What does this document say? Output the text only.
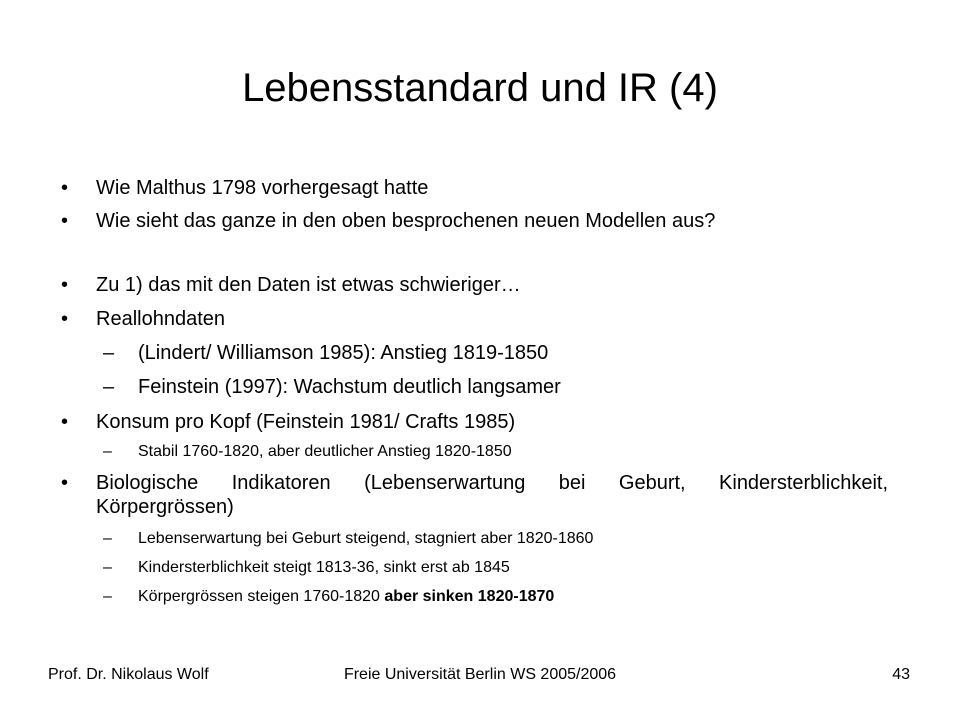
Lebensstandard und IR (4)
• Wie Malthus 1798 vorhergesagt hatte
• Wie sieht das ganze in den oben besprochenen neuen Modellen aus?
• Zu 1) das mit den Daten ist etwas schwieriger…
• Reallohndaten
– (Lindert/ Williamson 1985): Anstieg 1819-1850
– Feinstein (1997): Wachstum deutlich langsamer
• Konsum pro Kopf (Feinstein 1981/ Crafts 1985)
– Stabil 1760-1820, aber deutlicher Anstieg 1820-1850
• Biologische Indikatoren (Lebenserwartung bei Geburt, Kindersterblichkeit, Körpergrössen)
– Lebenserwartung bei Geburt steigend, stagniert aber 1820-1860
– Kindersterblichkeit steigt 1813-36, sinkt erst ab 1845
– Körpergrössen steigen 1760-1820 aber sinken 1820-1870
Prof. Dr. Nikolaus Wolf	Freie Universität Berlin WS 2005/2006	43
